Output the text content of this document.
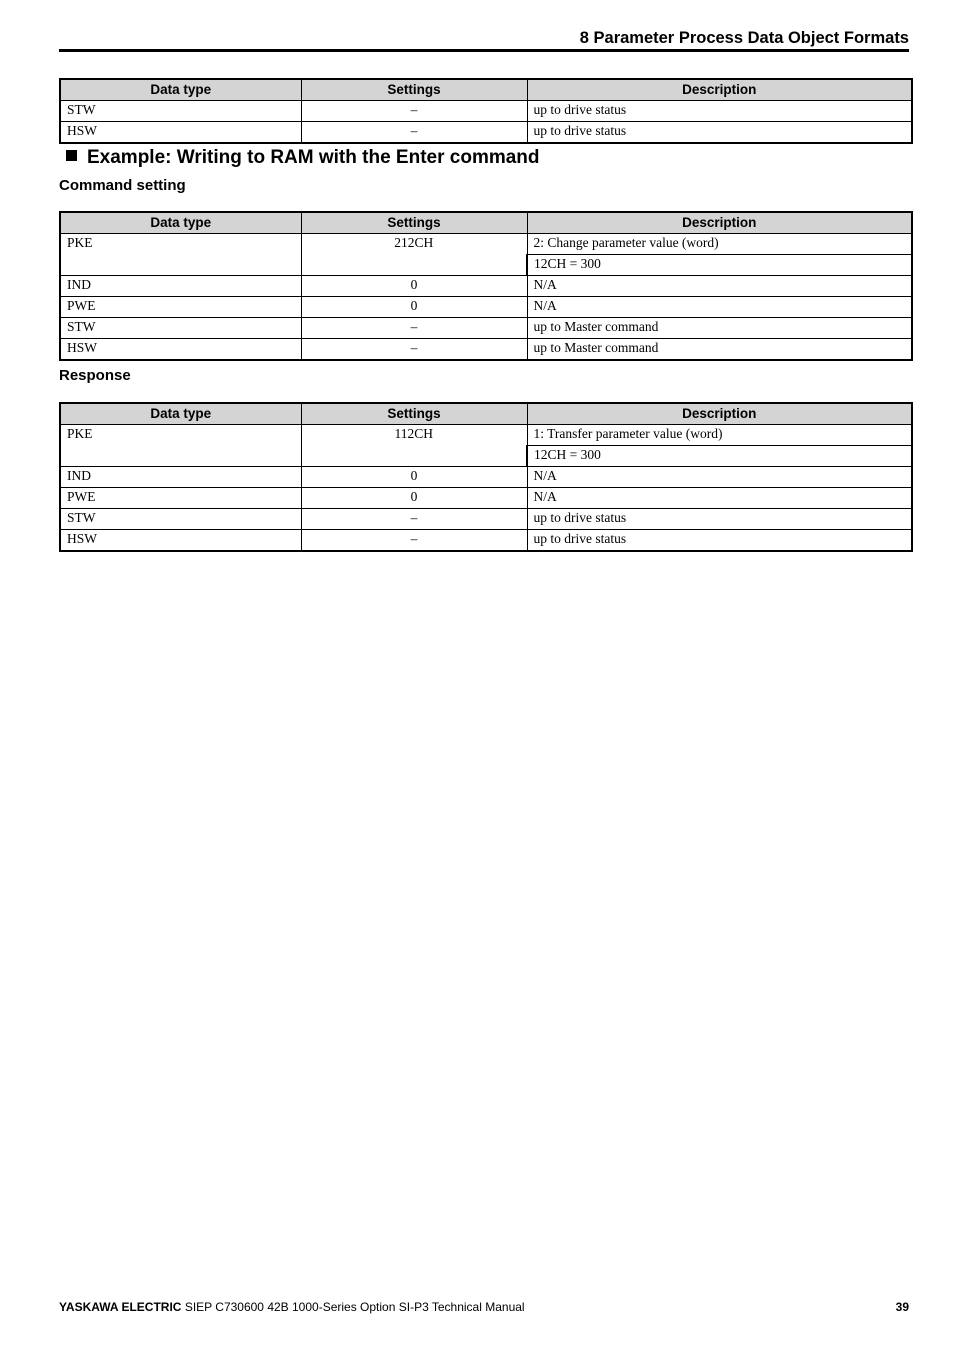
8 Parameter Process Data Object Formats
Data type	Settings	Description
STW	–	up to drive status
HSW	–	up to drive status
Example: Writing to RAM with the Enter command
Command setting
Data type	Settings	Description
PKE	212CH	2: Change parameter value (word)
		12CH = 300
IND	0	N/A
PWE	0	N/A
STW	–	up to Master command
HSW	–	up to Master command
Response
Data type	Settings	Description
PKE	112CH	1: Transfer parameter value (word)
		12CH = 300
IND	0	N/A
PWE	0	N/A
STW	–	up to drive status
HSW	–	up to drive status
YASKAWA ELECTRIC SIEP C730600 42B 1000-Series Option SI-P3 Technical Manual	39
